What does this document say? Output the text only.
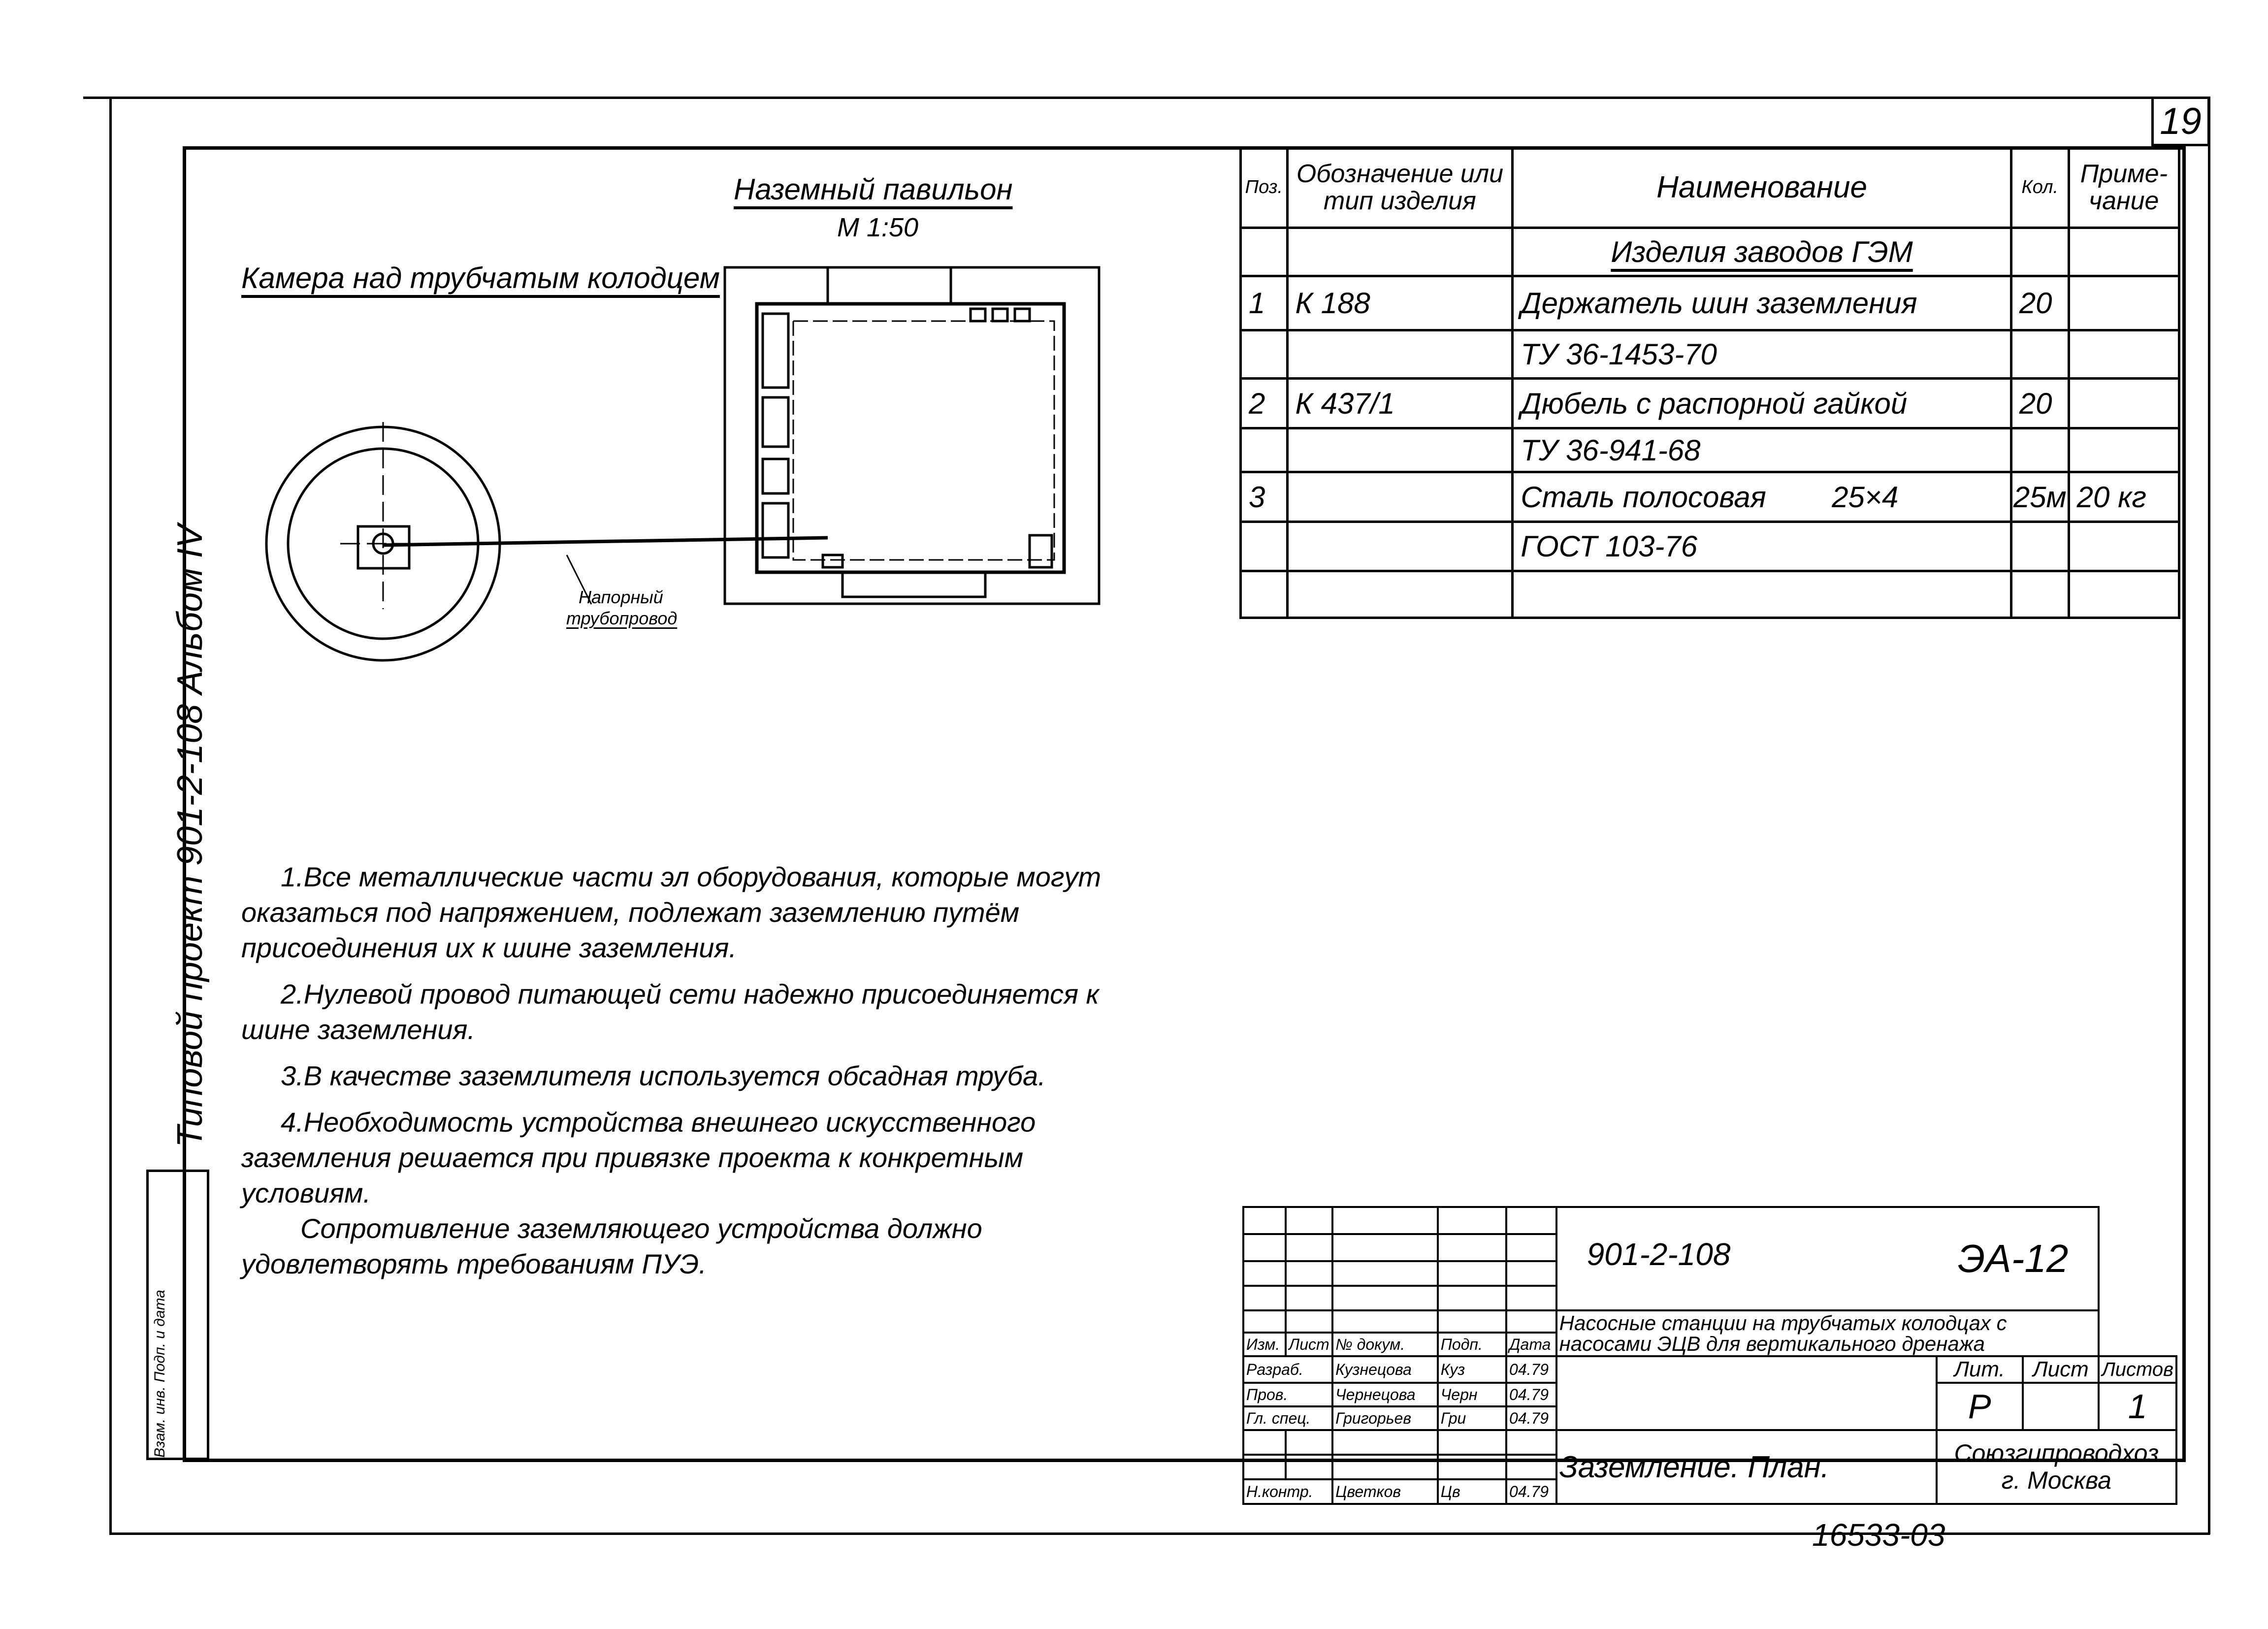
19
Типовой проект 901-2-108 Альбом IV
Взам. инв. Подп. и дата
Камера над трубчатым колодцем
Наземный павильон
М 1:50
Напорный
трубопровод
Поз.	Обозначение или тип изделия	Наименование	Кол.	Приме-чание
		Изделия заводов ГЭМ		
1	К 188	Держатель шин заземления	20	
		ТУ 36-1453-70		
2	К 437/1	Дюбель с распорной гайкой	20	
		ТУ 36-941-68		
3		Сталь полосовая        25×4	25м	20 кг
		ГОСТ 103-76		

1.Все металлические части эл оборудования, которые могут оказаться под напряжением, подлежат заземлению путём присоединения их к шине заземления.

2.Нулевой провод питающей сети надежно присоединяется к шине заземления.

3.В качестве заземлителя используется обсадная труба.

4.Необходимость устройства внешнего искусственного заземления решается при привязке проекта к конкретным условиям.

Сопротивление заземляющего устройства должно удовлетворять требованиям ПУЭ.

						901-2-108 ЭА-12			

					Насосные станции на трубчатых колодцах с насосами ЭЦВ для вертикального дренажа			
Изм.	Лист	№ докум.	Подп.	Дата				
Разраб.		Кузнецова	Куз	04.79		Лит.	Лист	Листов
Пров.		Чернецова	Черн	04.79		Р		1
Гл. спец.		Григорьев	Гри	04.79				
					Заземление. План.	Союзгипроводхоз
г. Москва		

Н.контр.		Цветков	Цв	04.79				
16533-03
